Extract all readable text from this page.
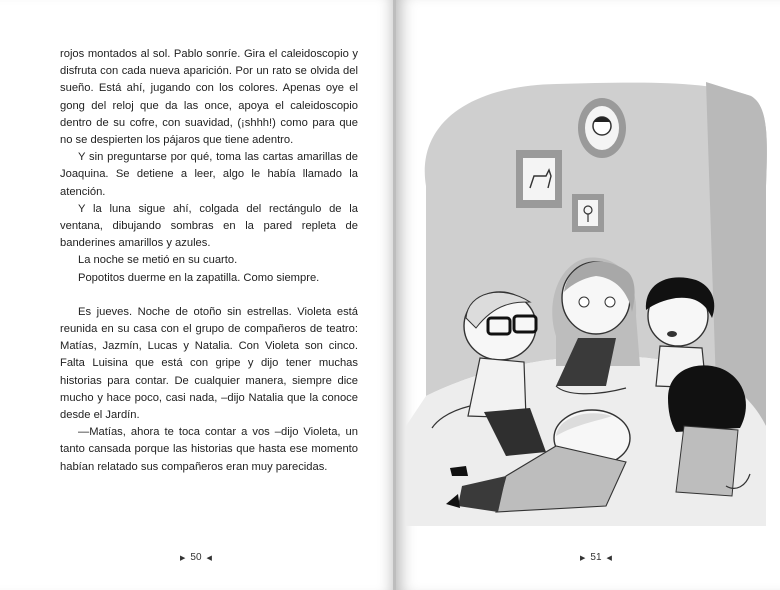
rojos montados al sol. Pablo sonríe. Gira el caleidoscopio y disfruta con cada nueva aparición. Por un rato se olvida del sueño. Está ahí, jugando con los colores. Apenas oye el gong del reloj que da las once, apoya el caleidoscopio dentro de su cofre, con suavidad, (¡shhh!) como para que no se despierten los pájaros que tiene adentro.

Y sin preguntarse por qué, toma las cartas amarillas de Joaquina. Se detiene a leer, algo le había llamado la atención.

Y la luna sigue ahí, colgada del rectángulo de la ventana, dibujando sombras en la pared repleta de banderines amarillos y azules.

La noche se metió en su cuarto.

Popotitos duerme en la zapatilla. Como siempre.

Es jueves. Noche de otoño sin estrellas. Violeta está reunida en su casa con el grupo de compañeros de teatro: Matías, Jazmín, Lucas y Natalia. Con Violeta son cinco. Falta Luisina que está con gripe y dijo tener muchas historias para contar. De cualquier manera, siempre dice mucho y hace poco, casi nada, –dijo Natalia que la conoce desde el Jardín.

—Matías, ahora te toca contar a vos –dijo Violeta, un tanto cansada porque las historias que hasta ese momento habían relatado sus compañeros eran muy parecidas.

▶ 50 ◀	▶ 51 ◀
